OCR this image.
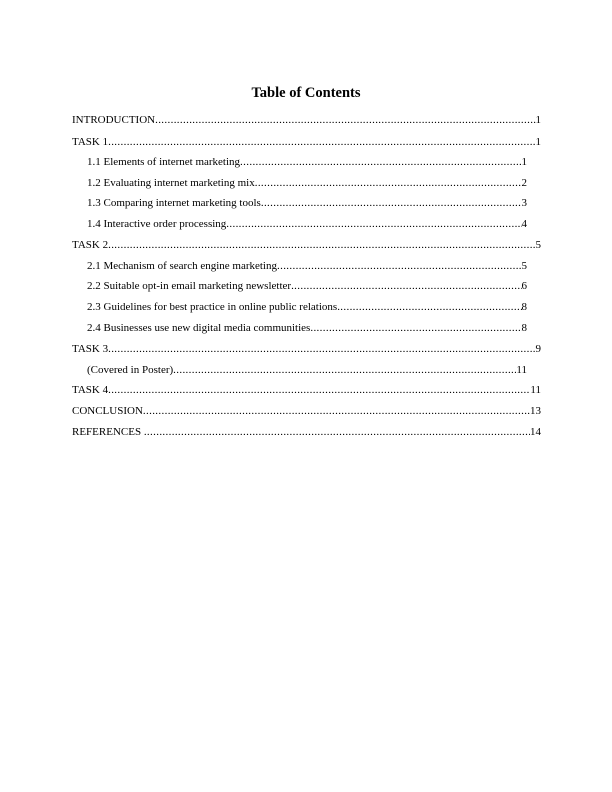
Table of Contents
INTRODUCTION .....	1
TASK 1 .....	1
1.1 Elements of internet marketing .....	1
1.2 Evaluating internet marketing mix .....	2
1.3 Comparing internet marketing tools .....	3
1.4 Interactive order processing .....	4
TASK 2 .....	5
2.1 Mechanism of search engine marketing .....	5
2.2 Suitable opt-in email marketing newsletter .....	6
2.3 Guidelines for best practice in online public relations .....	8
2.4 Businesses use new digital media communities .....	8
TASK 3 .....	9
(Covered in Poster) .....	11
TASK 4 .....	11
CONCLUSION .....	13
REFERENCES .....	14
